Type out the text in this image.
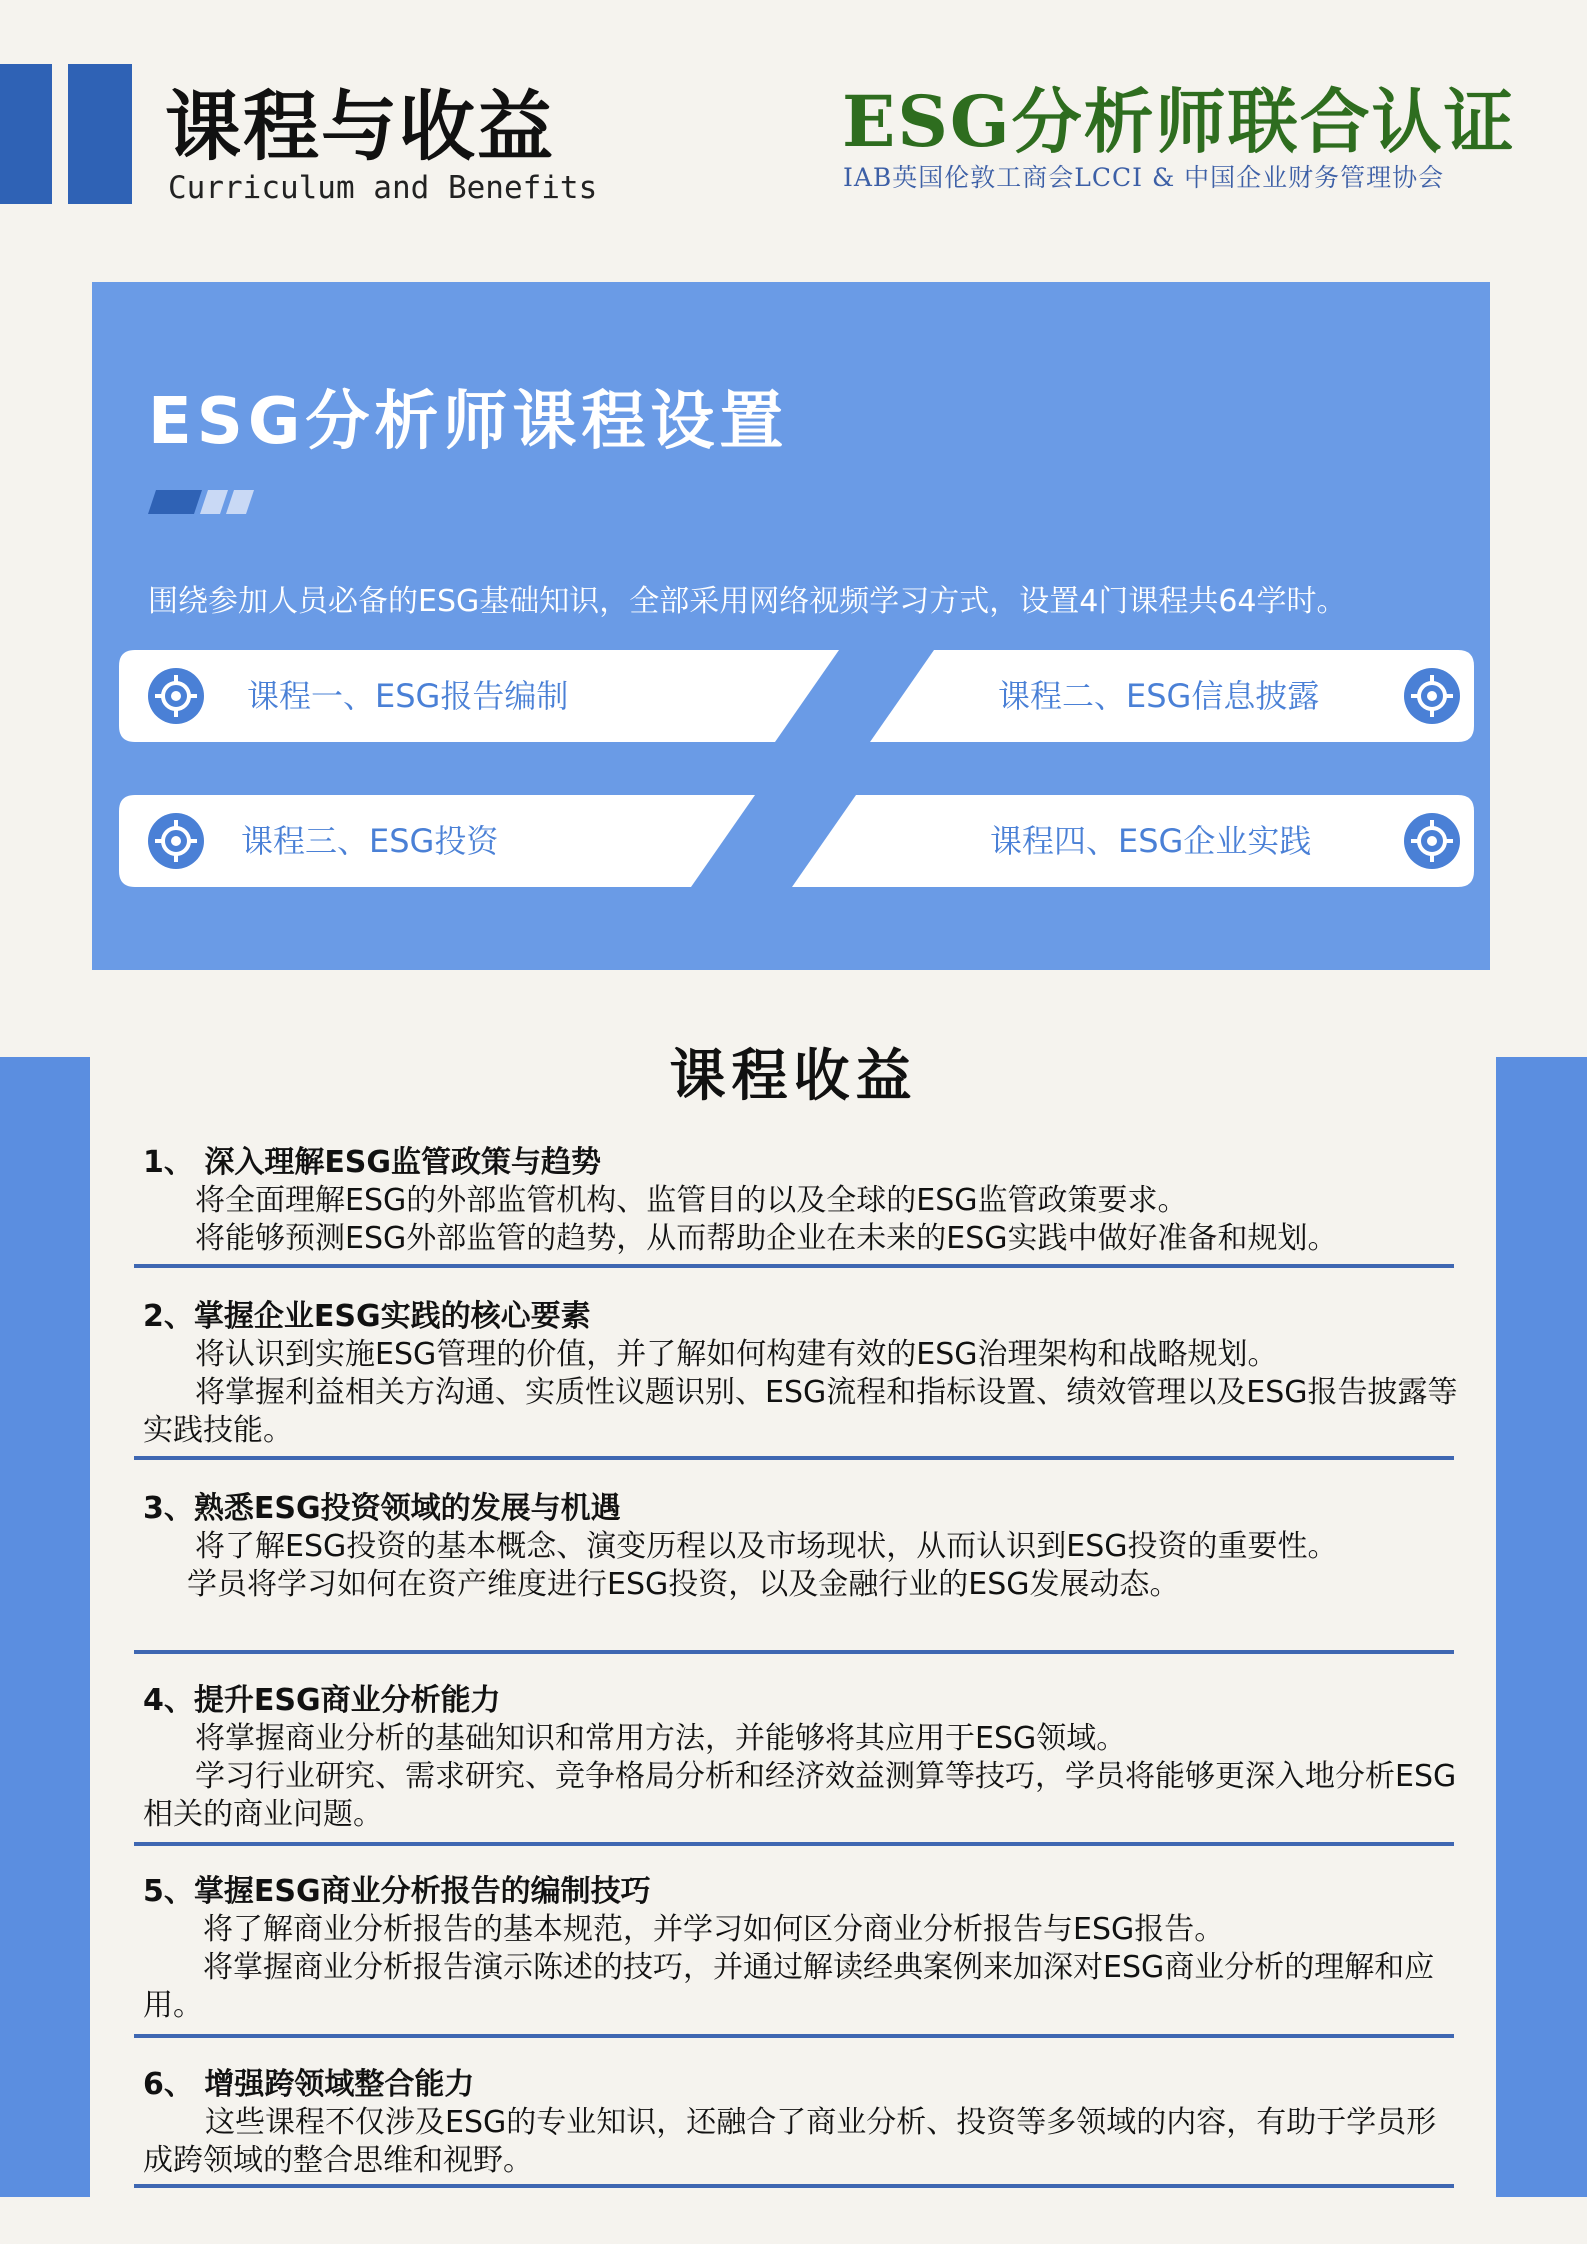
课程与收益
Curriculum and Benefits
ESG分析师联合认证
IAB英国伦敦工商会LCCI & 中国企业财务管理协会
ESG分析师课程设置
围绕参加人员必备的ESG基础知识，全部采用网络视频学习方式，设置4门课程共64学时。
课程一、ESG报告编制	课程二、ESG信息披露
课程三、ESG投资	课程四、ESG企业实践
课程收益
1、 深入理解ESG监管政策与趋势
将全面理解ESG的外部监管机构、监管目的以及全球的ESG监管政策要求。
将能够预测ESG外部监管的趋势，从而帮助企业在未来的ESG实践中做好准备和规划。
2、掌握企业ESG实践的核心要素
将认识到实施ESG管理的价值，并了解如何构建有效的ESG治理架构和战略规划。
将掌握利益相关方沟通、实质性议题识别、ESG流程和指标设置、绩效管理以及ESG报告披露等实践技能。
3、熟悉ESG投资领域的发展与机遇
将了解ESG投资的基本概念、演变历程以及市场现状，从而认识到ESG投资的重要性。
学员将学习如何在资产维度进行ESG投资，以及金融行业的ESG发展动态。
4、提升ESG商业分析能力
将掌握商业分析的基础知识和常用方法，并能够将其应用于ESG领域。
学习行业研究、需求研究、竞争格局分析和经济效益测算等技巧，学员将能够更深入地分析ESG相关的商业问题。
5、掌握ESG商业分析报告的编制技巧
将了解商业分析报告的基本规范，并学习如何区分商业分析报告与ESG报告。
将掌握商业分析报告演示陈述的技巧，并通过解读经典案例来加深对ESG商业分析的理解和应用。
6、 增强跨领域整合能力
这些课程不仅涉及ESG的专业知识，还融合了商业分析、投资等多领域的内容，有助于学员形成跨领域的整合思维和视野。
